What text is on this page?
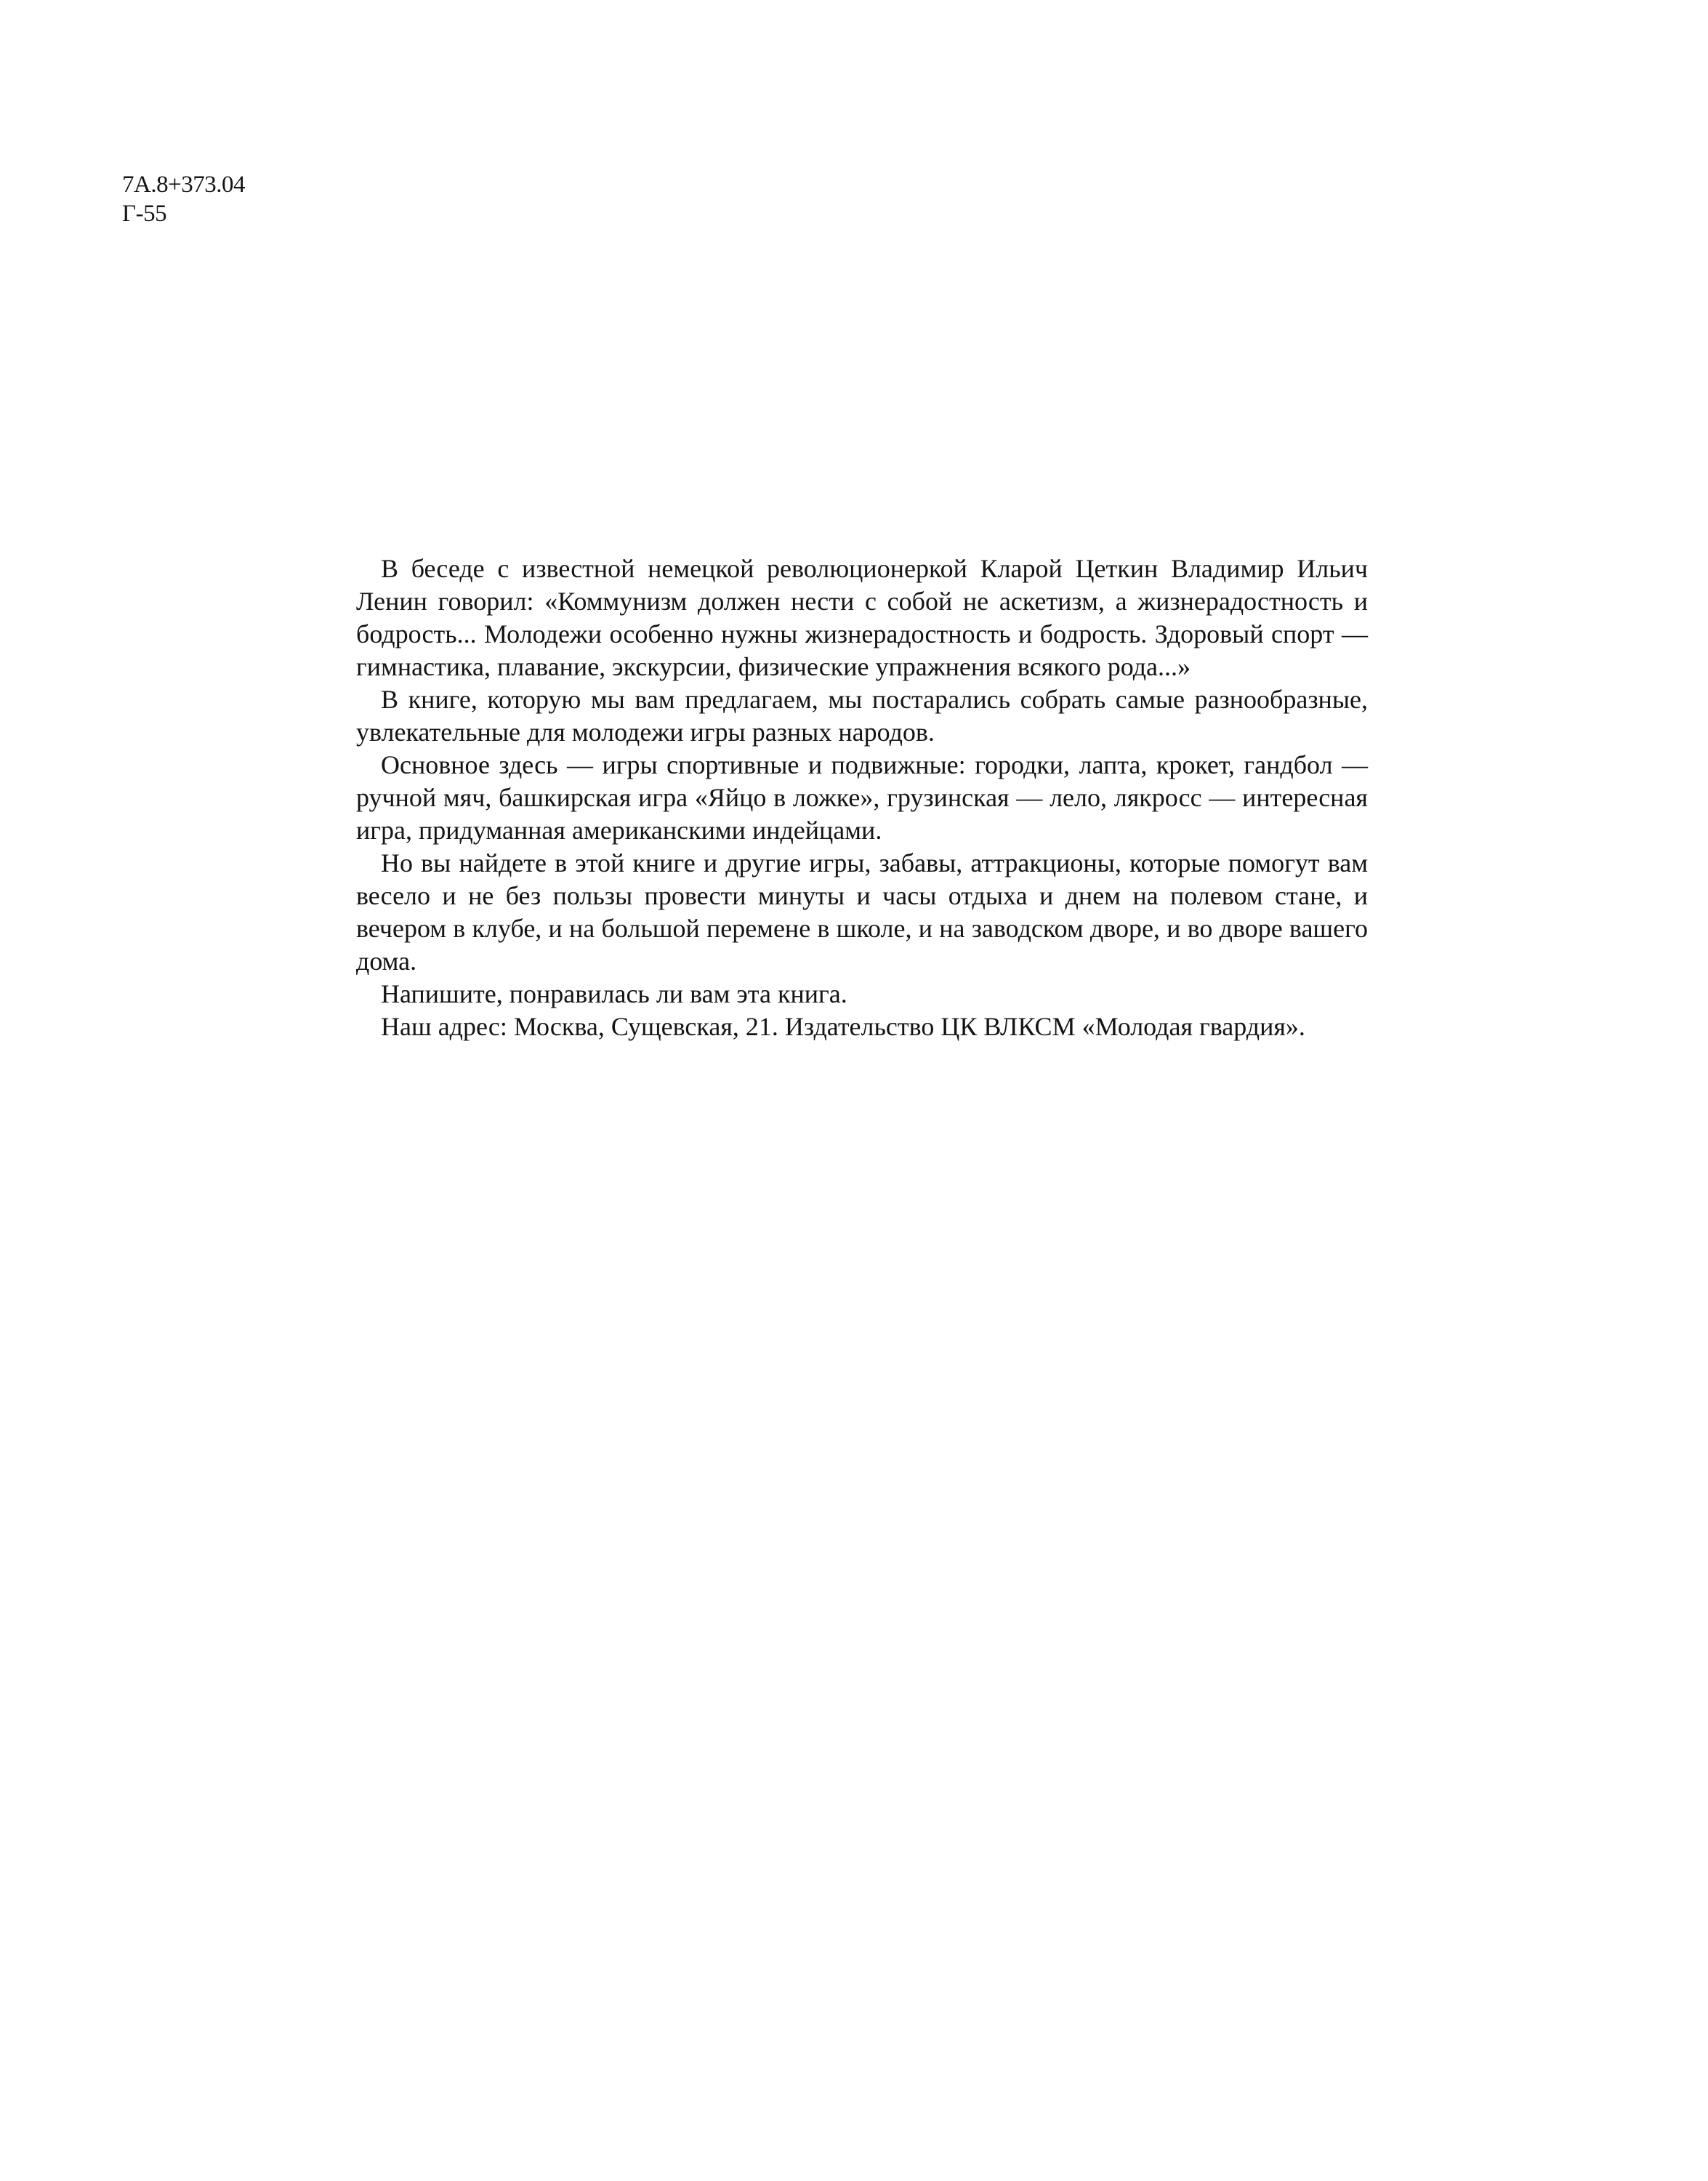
7А.8+373.04
Г-55

В беседе с известной немецкой революционеркой Кларой Цеткин Владимир Ильич Ленин говорил: «Коммунизм должен нести с собой не аскетизм, а жизнерадостность и бодрость... Молодежи особенно нужны жизнерадостность и бодрость. Здоровый спорт — гимнастика, плавание, экскурсии, физические упражнения всякого рода...»

В книге, которую мы вам предлагаем, мы постарались собрать самые разнообразные, увлекательные для молодежи игры разных народов.

Основное здесь — игры спортивные и подвижные: городки, лапта, крокет, гандбол — ручной мяч, башкирская игра «Яйцо в ложке», грузинская — лело, лякросс — интересная игра, придуманная американскими индейцами.

Но вы найдете в этой книге и другие игры, забавы, аттракционы, которые помогут вам весело и не без пользы провести минуты и часы отдыха и днем на полевом стане, и вечером в клубе, и на большой перемене в школе, и на заводском дворе, и во дворе вашего дома.

Напишите, понравилась ли вам эта книга.

Наш адрес: Москва, Сущевская, 21. Издательство ЦК ВЛКСМ «Молодая гвардия».
